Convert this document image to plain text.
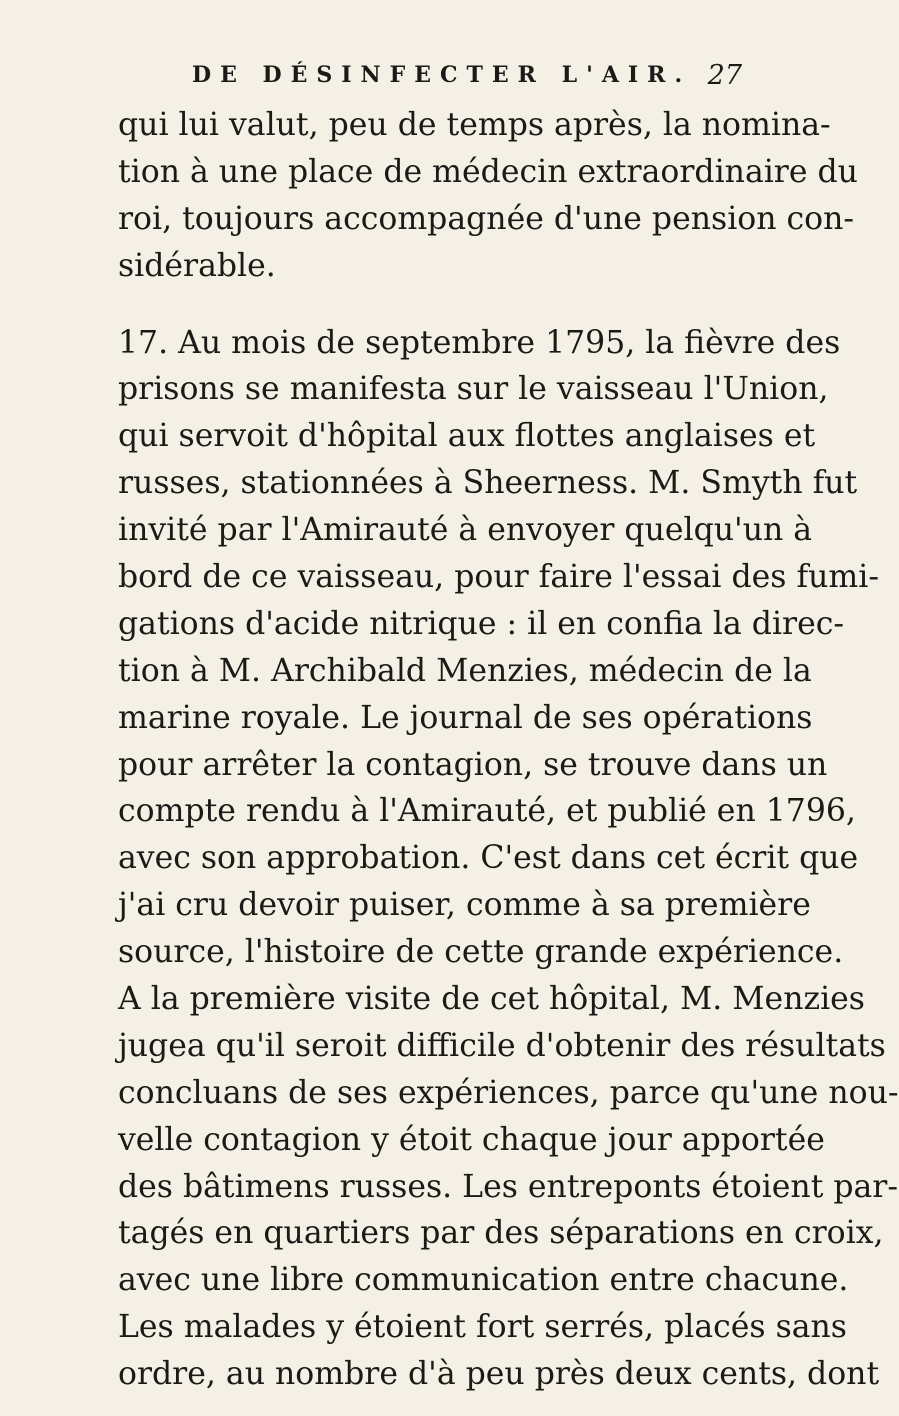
DE DÉSINFECTER L'AIR. 27
qui lui valut, peu de temps après, la nomina-
tion à une place de médecin extraordinaire du
roi, toujours accompagnée d'une pension con-
sidérable.
17. Au mois de septembre 1795, la fièvre des
prisons se manifesta sur le vaisseau l'Union,
qui servoit d'hôpital aux flottes anglaises et
russes, stationnées à Sheerness. M. Smyth fut
invité par l'Amirauté à envoyer quelqu'un à
bord de ce vaisseau, pour faire l'essai des fumi-
gations d'acide nitrique : il en confia la direc-
tion à M. Archibald Menzies, médecin de la
marine royale. Le journal de ses opérations
pour arrêter la contagion, se trouve dans un
compte rendu à l'Amirauté, et publié en 1796,
avec son approbation. C'est dans cet écrit que
j'ai cru devoir puiser, comme à sa première
source, l'histoire de cette grande expérience.
A la première visite de cet hôpital, M. Menzies
jugea qu'il seroit difficile d'obtenir des résultats
concluans de ses expériences, parce qu'une nou-
velle contagion y étoit chaque jour apportée
des bâtimens russes. Les entreponts étoient par-
tagés en quartiers par des séparations en croix,
avec une libre communication entre chacune.
Les malades y étoient fort serrés, placés sans
ordre, au nombre d'à peu près deux cents, dont
